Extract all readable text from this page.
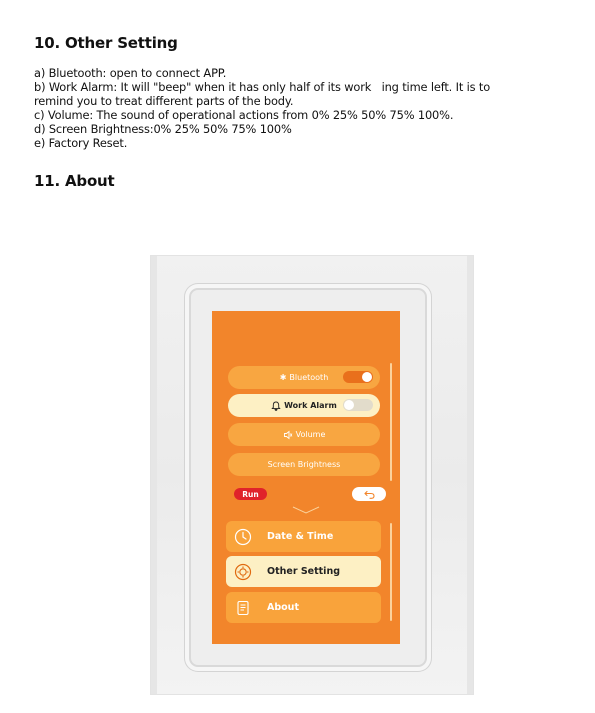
10. Other Setting
a) Bluetooth: open to connect APP.
b) Work Alarm: It will "beep" when it has only half of its work   ing time left. It is to
remind you to treat different parts of the body.
c) Volume: The sound of operational actions from 0% 25% 50% 75% 100%.
d) Screen Brightness:0% 25% 50% 75% 100%
e) Factory Reset.
11. About
✱ Bluetooth
Work Alarm
Volume
Screen Brightness
Run
Date & Time
Other Setting
About
